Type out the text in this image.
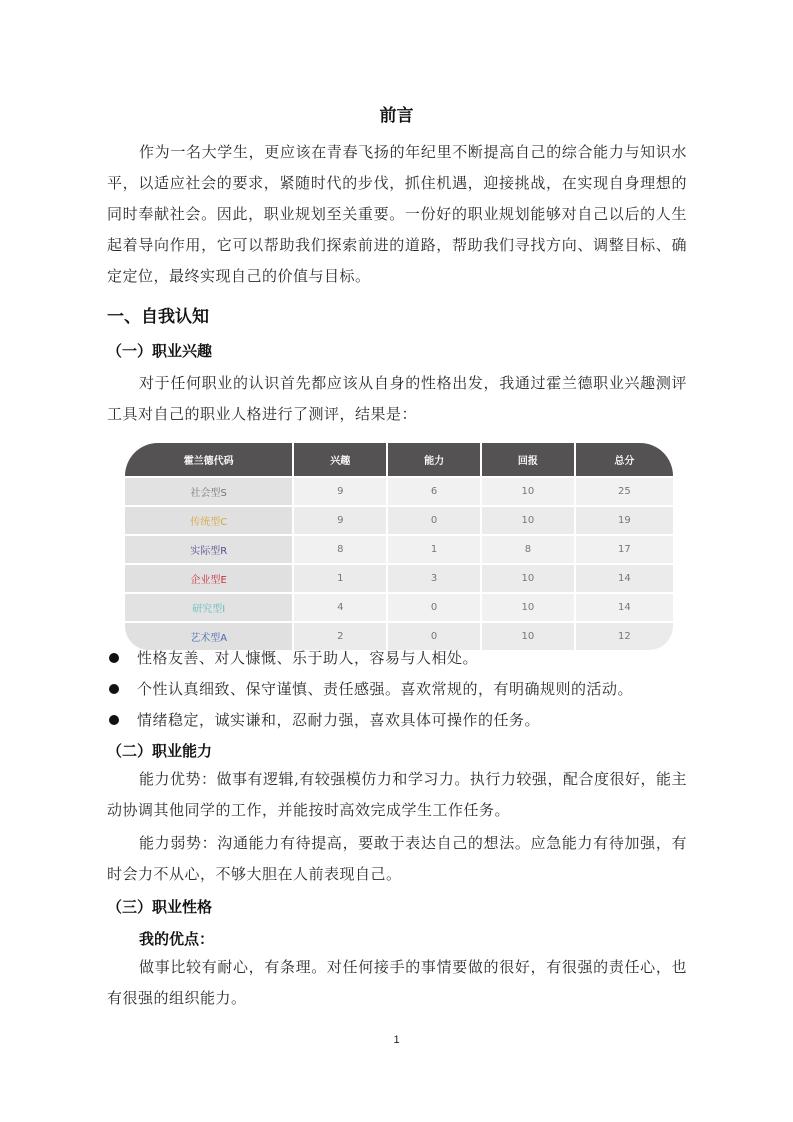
前言
作为一名大学生，更应该在青春飞扬的年纪里不断提高自己的综合能力与知识水平，以适应社会的要求，紧随时代的步伐，抓住机遇，迎接挑战，在实现自身理想的同时奉献社会。因此，职业规划至关重要。一份好的职业规划能够对自己以后的人生起着导向作用，它可以帮助我们探索前进的道路，帮助我们寻找方向、调整目标、确定定位，最终实现自己的价值与目标。
一、自我认知
（一）职业兴趣
对于任何职业的认识首先都应该从自身的性格出发，我通过霍兰德职业兴趣测评工具对自己的职业人格进行了测评，结果是：
霍兰德代码	兴趣	能力	回报	总分
社会型S	9	6	10	25
传统型C	9	0	10	19
实际型R	8	1	8	17
企业型E	1	3	10	14
研究型I	4	0	10	14
艺术型A	2	0	10	12
性格友善、对人慷慨、乐于助人，容易与人相处。
个性认真细致、保守谨慎、责任感强。喜欢常规的，有明确规则的活动。
情绪稳定，诚实谦和，忍耐力强，喜欢具体可操作的任务。
（二）职业能力
能力优势：做事有逻辑,有较强模仿力和学习力。执行力较强，配合度很好，能主动协调其他同学的工作，并能按时高效完成学生工作任务。
能力弱势：沟通能力有待提高，要敢于表达自己的想法。应急能力有待加强，有时会力不从心，不够大胆在人前表现自己。
（三）职业性格
我的优点：
做事比较有耐心，有条理。对任何接手的事情要做的很好，有很强的责任心，也有很强的组织能力。
1
